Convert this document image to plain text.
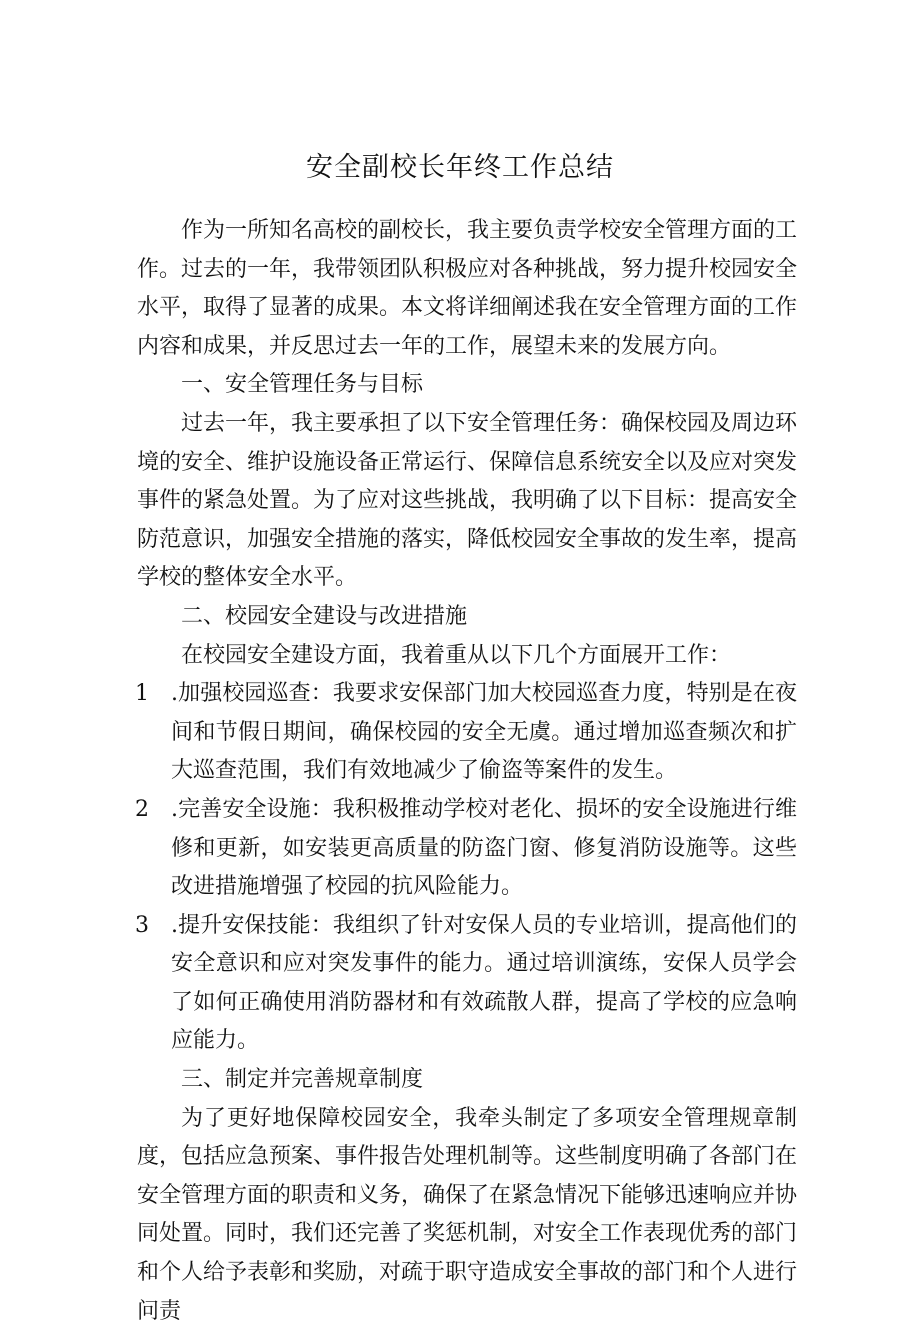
安全副校长年终工作总结

作为一所知名高校的副校长，我主要负责学校安全管理方面的工作。过去的一年，我带领团队积极应对各种挑战，努力提升校园安全水平，取得了显著的成果。本文将详细阐述我在安全管理方面的工作内容和成果，并反思过去一年的工作，展望未来的发展方向。

一、安全管理任务与目标

过去一年，我主要承担了以下安全管理任务：确保校园及周边环境的安全、维护设施设备正常运行、保障信息系统安全以及应对突发事件的紧急处置。为了应对这些挑战，我明确了以下目标：提高安全防范意识，加强安全措施的落实，降低校园安全事故的发生率，提高学校的整体安全水平。

二、校园安全建设与改进措施

在校园安全建设方面，我着重从以下几个方面展开工作：

1	.加强校园巡查：我要求安保部门加大校园巡查力度，特别是在夜间和节假日期间，确保校园的安全无虞。通过增加巡查频次和扩大巡查范围，我们有效地减少了偷盗等案件的发生。
2	.完善安全设施：我积极推动学校对老化、损坏的安全设施进行维修和更新，如安装更高质量的防盗门窗、修复消防设施等。这些改进措施增强了校园的抗风险能力。
3	.提升安保技能：我组织了针对安保人员的专业培训，提高他们的安全意识和应对突发事件的能力。通过培训演练，安保人员学会了如何正确使用消防器材和有效疏散人群，提高了学校的应急响应能力。

三、制定并完善规章制度

为了更好地保障校园安全，我牵头制定了多项安全管理规章制度，包括应急预案、事件报告处理机制等。这些制度明确了各部门在安全管理方面的职责和义务，确保了在紧急情况下能够迅速响应并协同处置。同时，我们还完善了奖惩机制，对安全工作表现优秀的部门和个人给予表彰和奖励，对疏于职守造成安全事故的部门和个人进行问责
